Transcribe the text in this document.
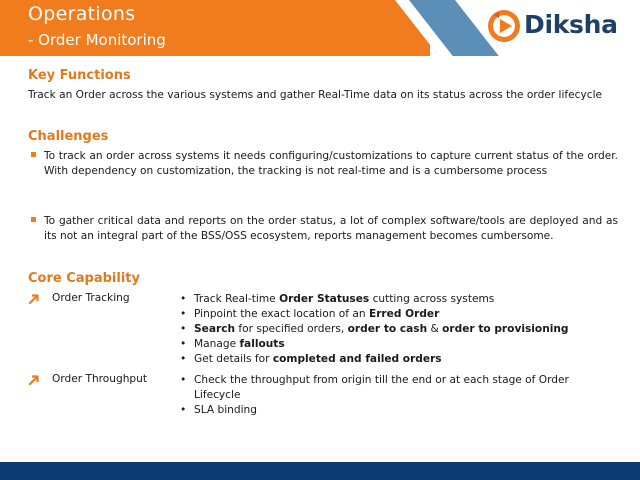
Operations
- Order Monitoring
Diksha
Key Functions
Track an Order across the various systems and gather Real-Time data on its status across the order lifecycle
Challenges
To track an order across systems it needs configuring/customizations to capture current status of the order. With dependency on customization, the tracking is not real-time and is a cumbersome process
To gather critical data and reports on the order status, a lot of complex software/tools are deployed and as its not an integral part of the BSS/OSS ecosystem, reports management becomes cumbersome.
Core Capability
Order Tracking	• Track Real-time Order Statuses cutting across systems
• Pinpoint the exact location of an Erred Order
• Search for specified orders, order to cash & order to provisioning
• Manage fallouts
• Get details for completed and failed orders
Order Throughput	• Check the throughput from origin till the end or at each stage of Order Lifecycle
• SLA binding
